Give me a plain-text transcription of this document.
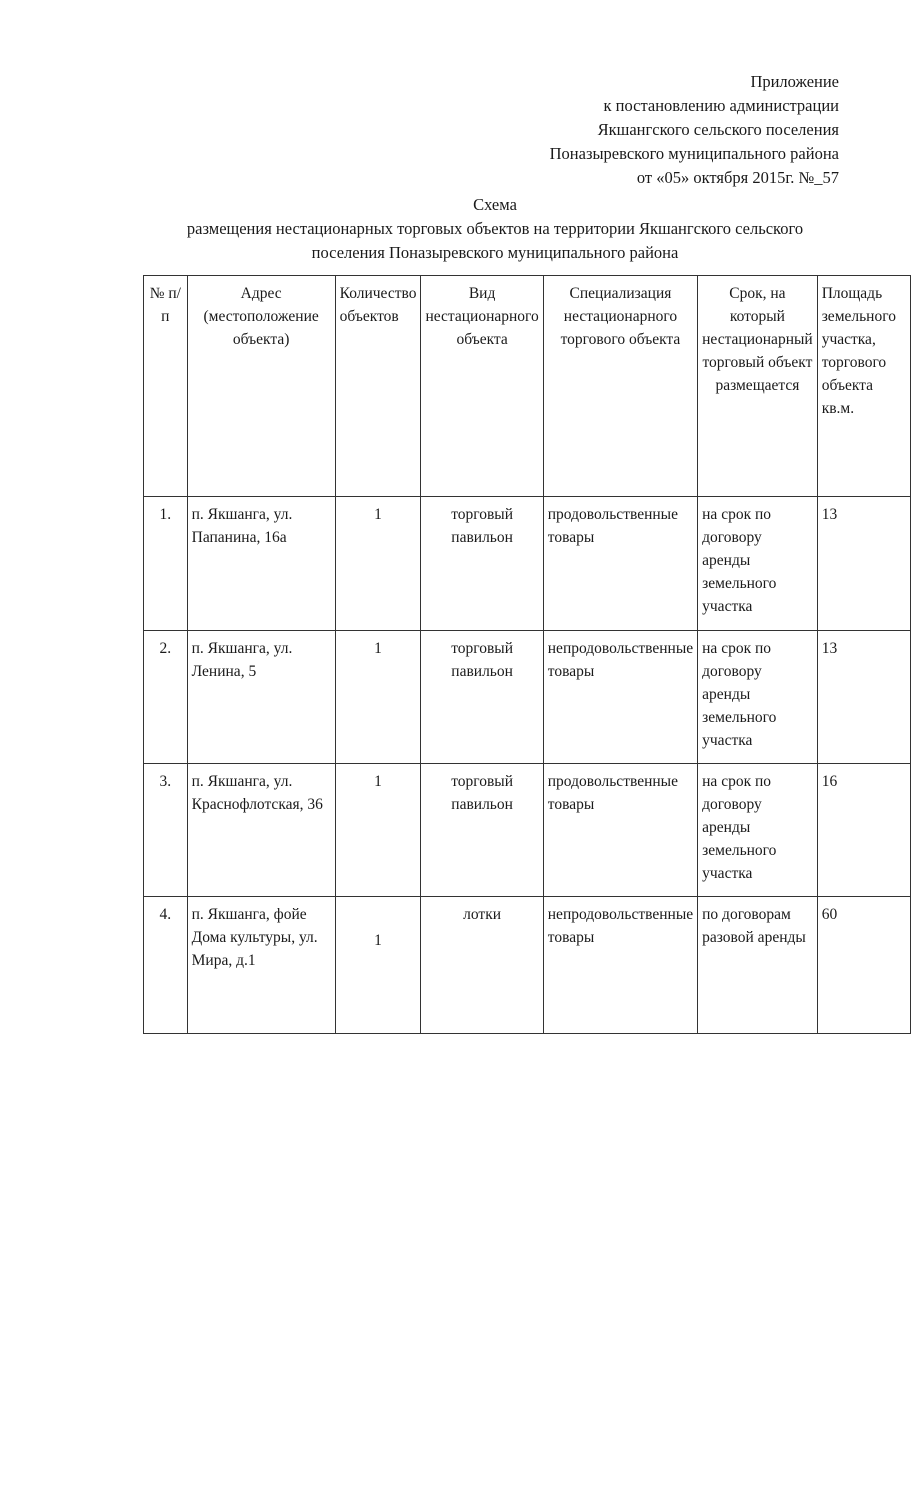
Приложение
к постановлению администрации
Якшангского сельского поселения
Поназыревского муниципального района
от «05» октября 2015г. №_57
Схема
размещения нестационарных торговых объектов на территории Якшангского сельского
поселения Поназыревского муниципального района
№ п/п	Адрес (местоположение объекта)	Количество объектов	Вид нестационарного объекта	Специализация нестационарного торгового объекта	Срок, на который нестационарный торговый объект размещается	Площадь земельного участка, торгового объекта кв.м.
1.	п. Якшанга, ул. Папанина, 16а	1	торговый павильон	продовольственные товары	на срок по договору аренды земельного участка	13
2.	п. Якшанга, ул. Ленина, 5	1	торговый павильон	непродовольственные товары	на срок по договору аренды земельного участка	13
3.	п. Якшанга, ул. Краснофлотская, 36	1	торговый павильон	продовольственные товары	на срок по договору аренды земельного участка	16
4.	п. Якшанга, фойе Дома культуры, ул. Мира, д.1	1	лотки	непродовольственные товары	по договорам разовой аренды	60
